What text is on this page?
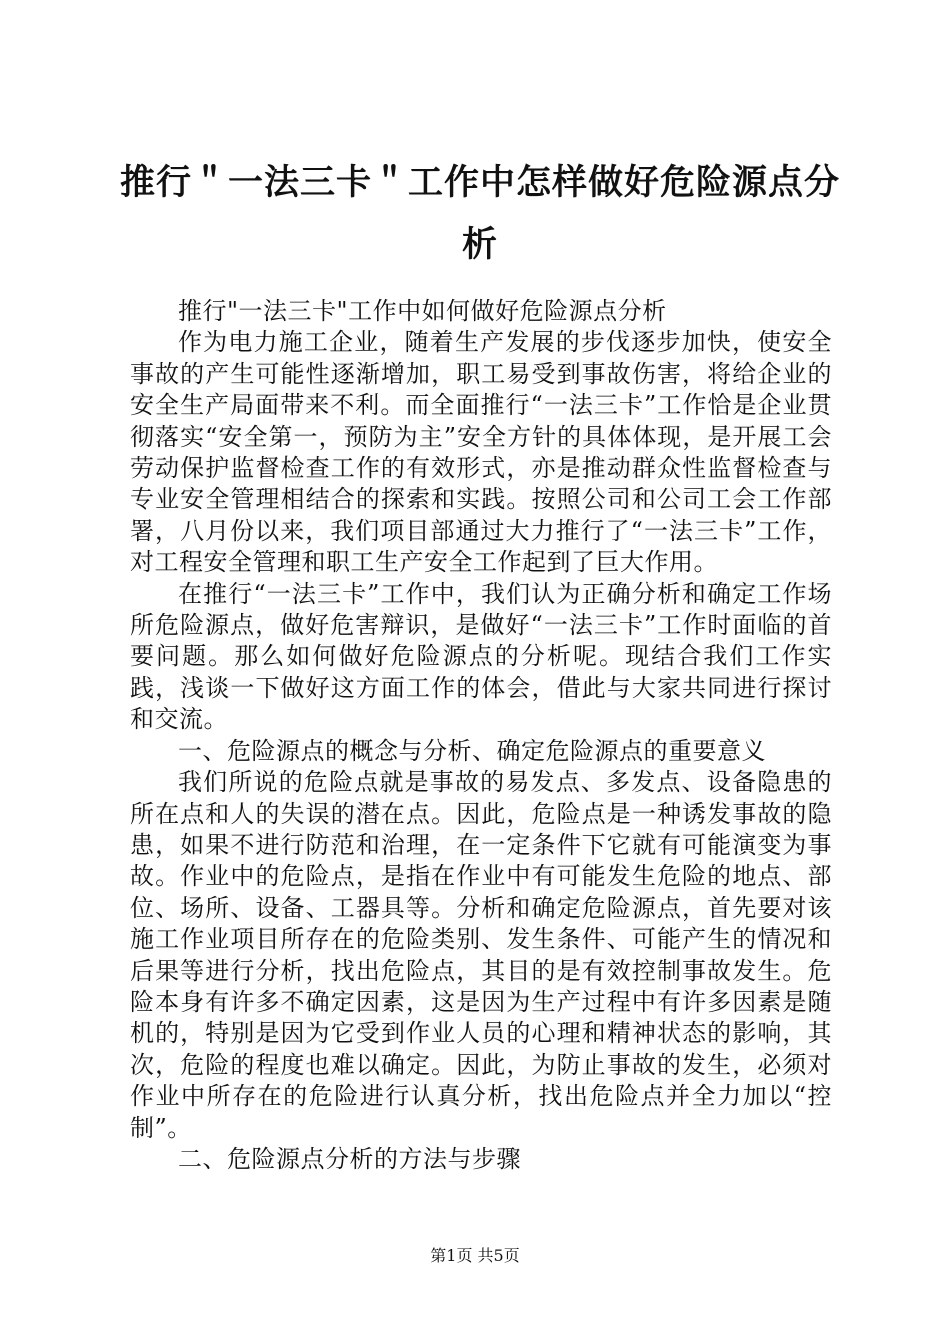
推行＂一法三卡＂工作中怎样做好危险源点分析

推行"一法三卡"工作中如何做好危险源点分析

作为电力施工企业，随着生产发展的步伐逐步加快，使安全事故的产生可能性逐渐增加，职工易受到事故伤害，将给企业的安全生产局面带来不利。而全面推行“一法三卡”工作恰是企业贯彻落实“安全第一，预防为主”安全方针的具体体现，是开展工会劳动保护监督检查工作的有效形式，亦是推动群众性监督检查与专业安全管理相结合的探索和实践。按照公司和公司工会工作部署，八月份以来，我们项目部通过大力推行了“一法三卡”工作，对工程安全管理和职工生产安全工作起到了巨大作用。

在推行“一法三卡”工作中，我们认为正确分析和确定工作场所危险源点，做好危害辩识，是做好“一法三卡”工作时面临的首要问题。那么如何做好危险源点的分析呢。现结合我们工作实践，浅谈一下做好这方面工作的体会，借此与大家共同进行探讨和交流。

一、危险源点的概念与分析、确定危险源点的重要意义

我们所说的危险点就是事故的易发点、多发点、设备隐患的所在点和人的失误的潜在点。因此，危险点是一种诱发事故的隐患，如果不进行防范和治理，在一定条件下它就有可能演变为事故。作业中的危险点，是指在作业中有可能发生危险的地点、部位、场所、设备、工器具等。分析和确定危险源点，首先要对该施工作业项目所存在的危险类别、发生条件、可能产生的情况和后果等进行分析，找出危险点，其目的是有效控制事故发生。危险本身有许多不确定因素，这是因为生产过程中有许多因素是随机的，特别是因为它受到作业人员的心理和精神状态的影响，其次，危险的程度也难以确定。因此，为防止事故的发生，必须对作业中所存在的危险进行认真分析，找出危险点并全力加以“控制”。

二、危险源点分析的方法与步骤

第1页 共5页
